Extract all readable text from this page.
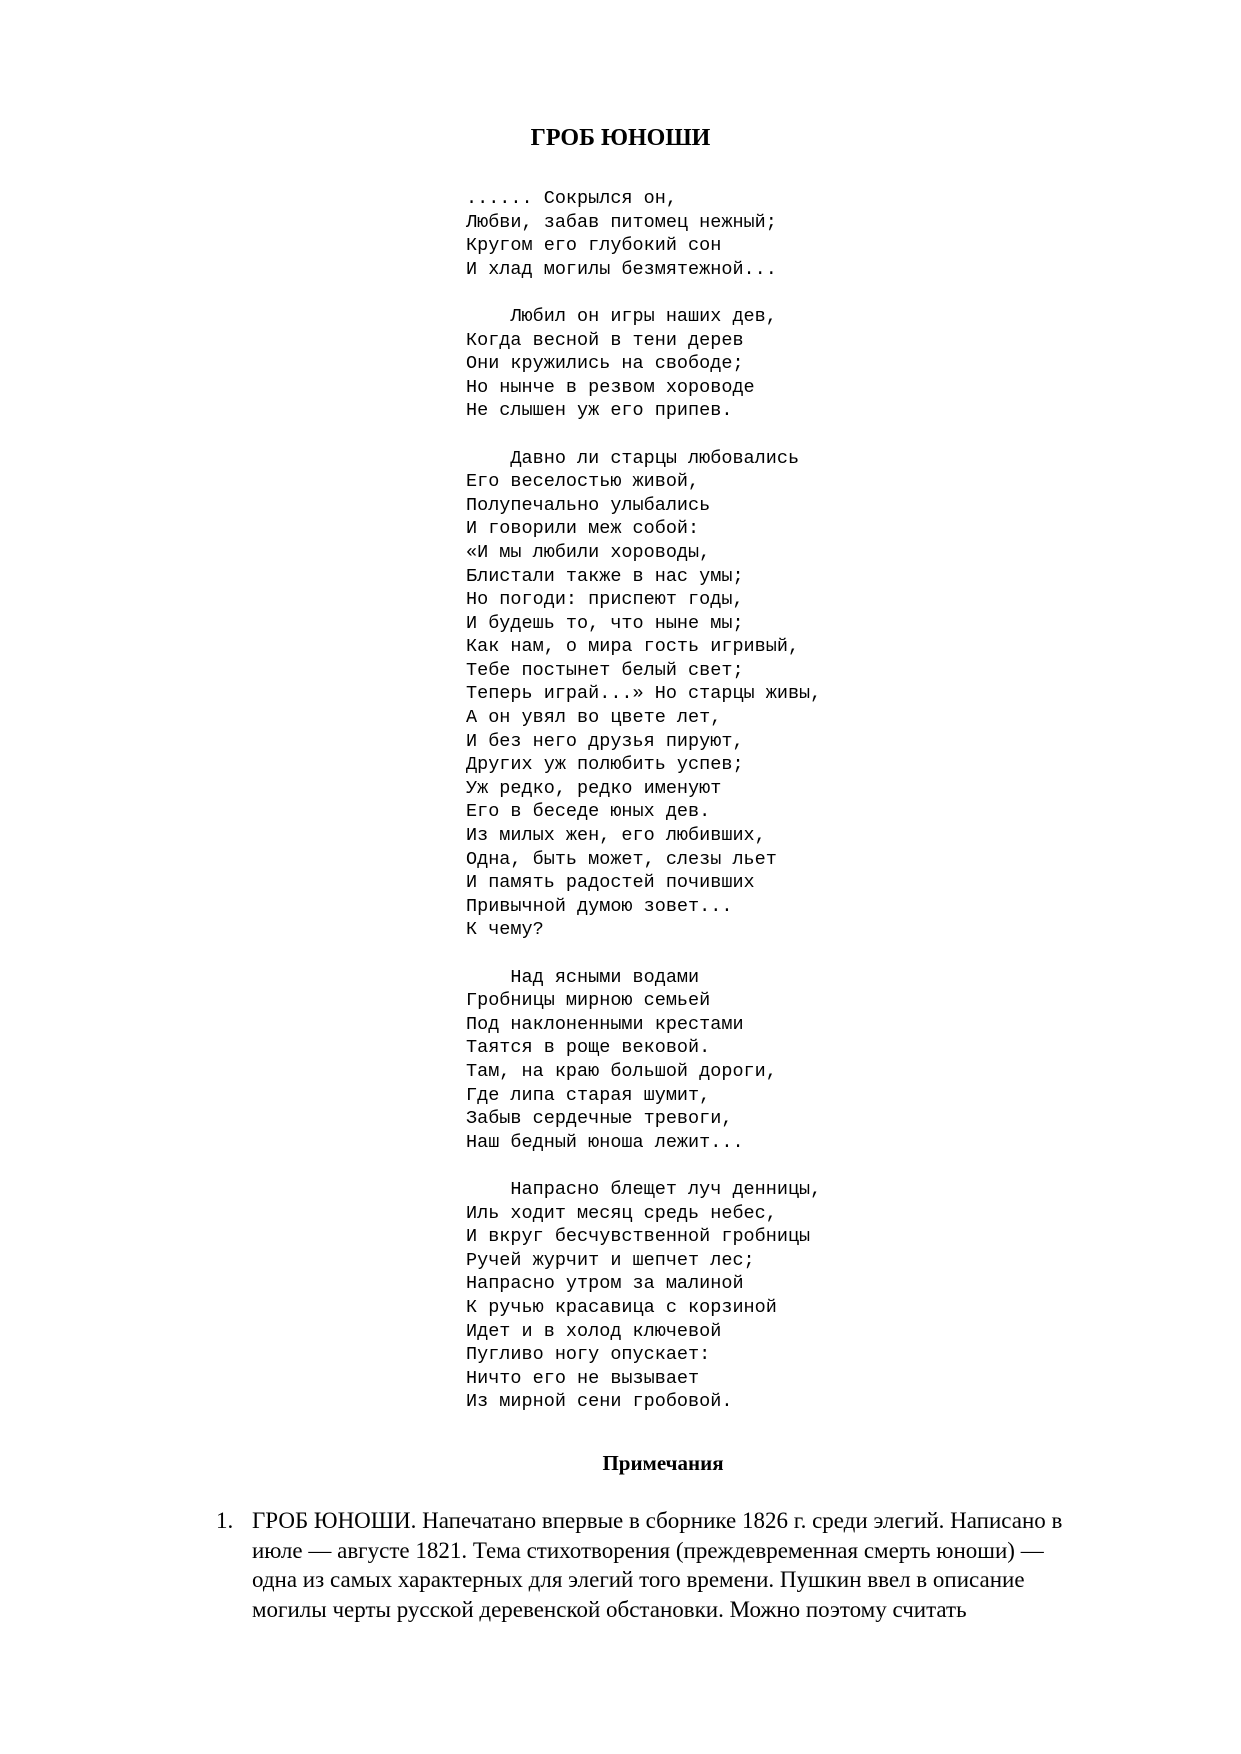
ГРОБ ЮНОШИ
...... Сокрылся он,
Любви, забав питомец нежный;
Кругом его глубокий сон
И хлад могилы безмятежной...
Любил он игры наших дев,
Когда весной в тени дерев
Они кружились на свободе;
Но нынче в резвом хороводе
Не слышен уж его припев.
Давно ли старцы любовались
Его веселостью живой,
Полупечально улыбались
И говорили меж собой:
«И мы любили хороводы,
Блистали также в нас умы;
Но погоди: приспеют годы,
И будешь то, что ныне мы;
Как нам, о мира гость игривый,
Тебе постынет белый свет;
Теперь играй...» Но старцы живы,
А он увял во цвете лет,
И без него друзья пируют,
Других уж полюбить успев;
Уж редко, редко именуют
Его в беседе юных дев.
Из милых жен, его любивших,
Одна, быть может, слезы льет
И память радостей почивших
Привычной думою зовет...
К чему?
Над ясными водами
Гробницы мирною семьей
Под наклоненными крестами
Таятся в роще вековой.
Там, на краю большой дороги,
Где липа старая шумит,
Забыв сердечные тревоги,
Наш бедный юноша лежит...
Напрасно блещет луч денницы,
Иль ходит месяц средь небес,
И вкруг бесчувственной гробницы
Ручей журчит и шепчет лес;
Напрасно утром за малиной
К ручью красавица с корзиной
Идет и в холод ключевой
Пугливо ногу опускает:
Ничто его не вызывает
Из мирной сени гробовой.
Примечания
1. ГРОБ ЮНОШИ. Напечатано впервые в сборнике 1826 г. среди элегий. Написано в
июле — августе 1821. Тема стихотворения (преждевременная смерть юноши) —
одна из самых характерных для элегий того времени. Пушкин ввел в описание
могилы черты русской деревенской обстановки. Можно поэтому считать
